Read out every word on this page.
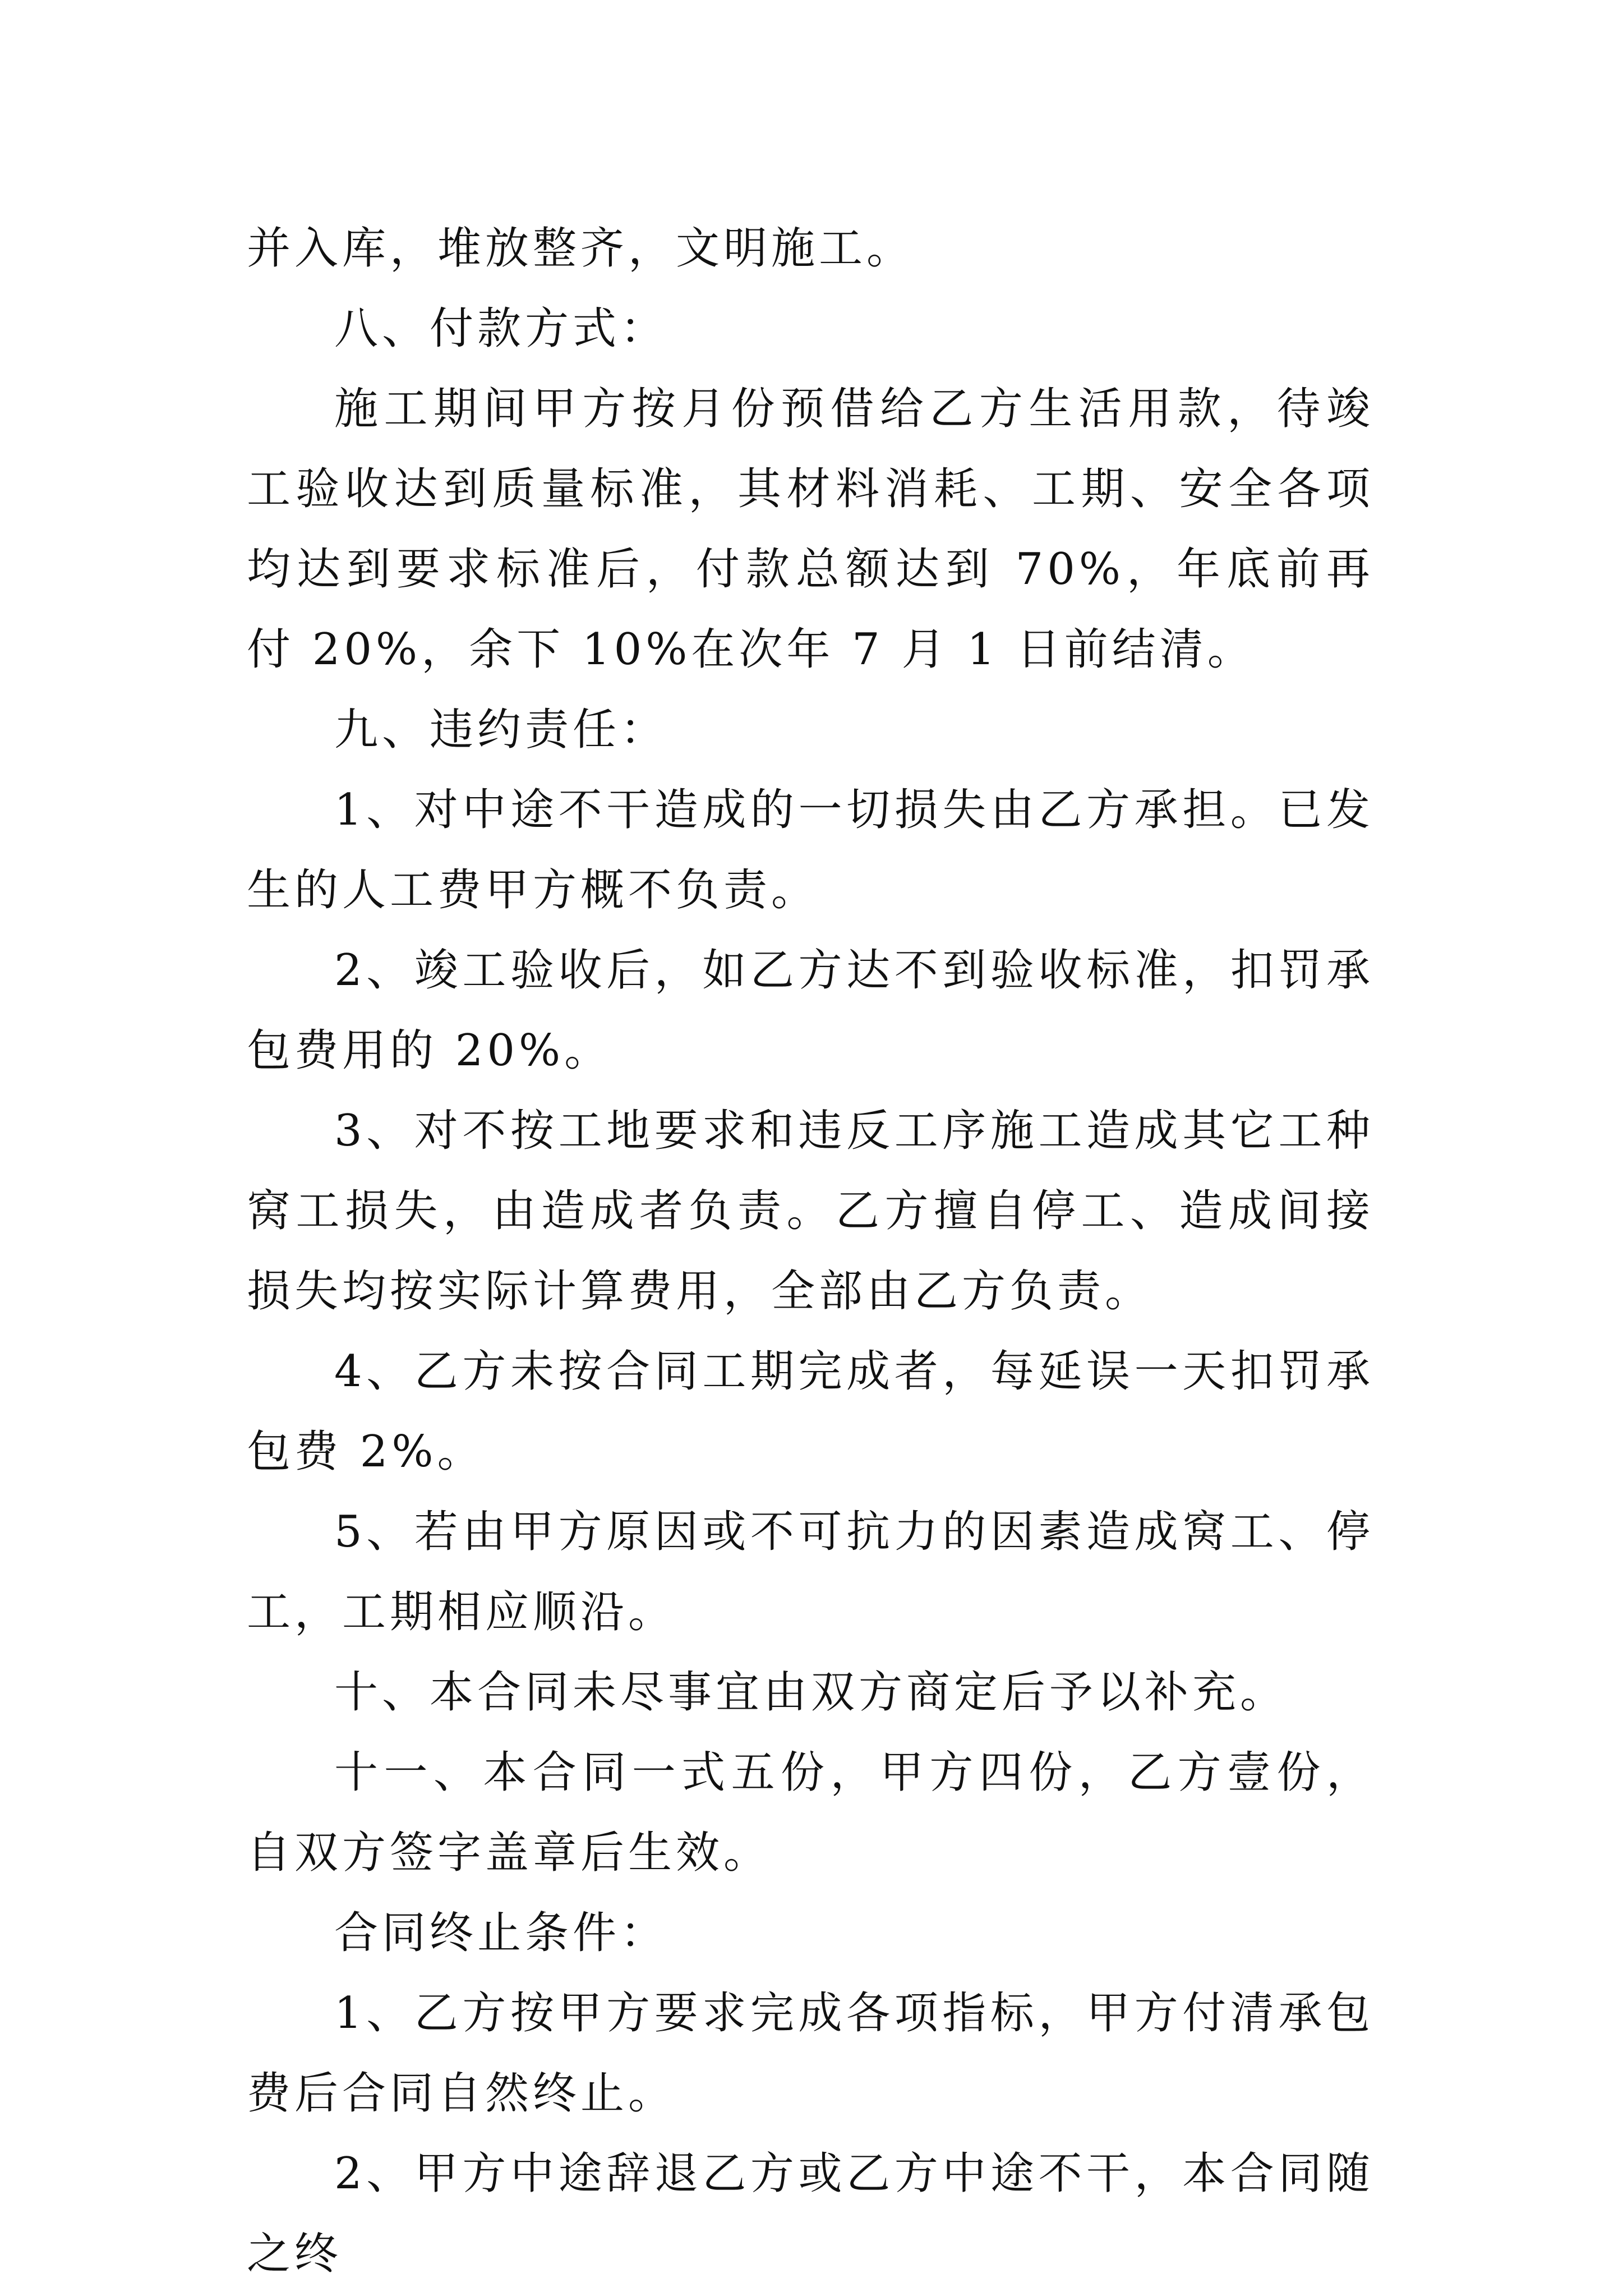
并入库，堆放整齐，文明施工。

八、付款方式：

施工期间甲方按月份预借给乙方生活用款，待竣工验收达到质量标准，其材料消耗、工期、安全各项均达到要求标准后，付款总额达到 70%，年底前再付 20%，余下 10%在次年 7 月 1 日前结清。

九、违约责任：

1、对中途不干造成的一切损失由乙方承担。已发生的人工费甲方概不负责。

2、竣工验收后，如乙方达不到验收标准，扣罚承包费用的 20%。

3、对不按工地要求和违反工序施工造成其它工种窝工损失，由造成者负责。乙方擅自停工、造成间接损失均按实际计算费用，全部由乙方负责。

4、乙方未按合同工期完成者，每延误一天扣罚承包费 2%。

5、若由甲方原因或不可抗力的因素造成窝工、停工，工期相应顺沿。

十、本合同未尽事宜由双方商定后予以补充。

十一、本合同一式五份，甲方四份，乙方壹份，自双方签字盖章后生效。

合同终止条件：

1、乙方按甲方要求完成各项指标，甲方付清承包费后合同自然终止。

2、甲方中途辞退乙方或乙方中途不干，本合同随之终
